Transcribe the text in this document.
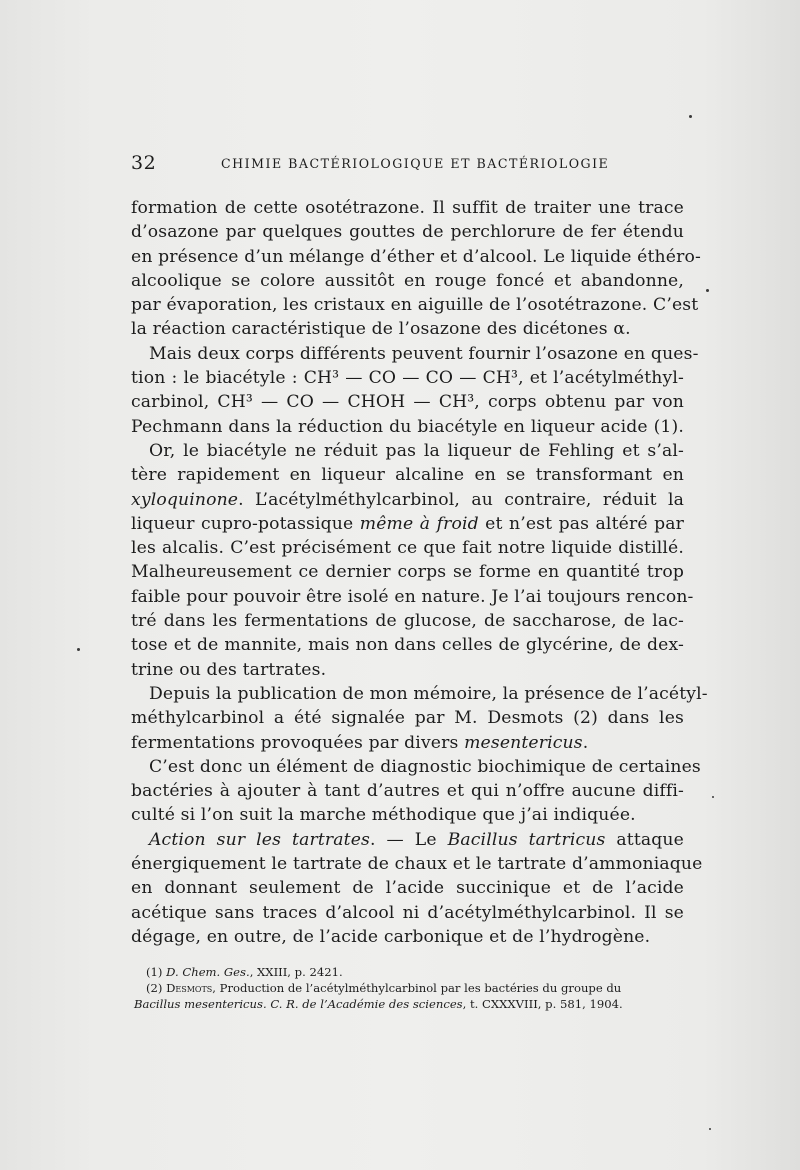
32	CHIMIE BACTÉRIOLOGIQUE ET BACTÉRIOLOGIE
formation de cette osotétrazone. Il suffit de traiter une trace
d’osazone par quelques gouttes de perchlorure de fer étendu
en présence d’un mélange d’éther et d’alcool. Le liquide éthéro-
alcoolique se colore aussitôt en rouge foncé et abandonne,
par évaporation, les cristaux en aiguille de l’osotétrazone. C’est
la réaction caractéristique de l’osazone des dicétones α.
Mais deux corps différents peuvent fournir l’osazone en ques-
tion : le biacétyle : CH³ — CO — CO — CH³, et l’acétylméthyl-
carbinol, CH³ — CO — CHOH — CH³, corps obtenu par von
Pechmann dans la réduction du biacétyle en liqueur acide (1).
Or, le biacétyle ne réduit pas la liqueur de Fehling et s’al-
tère rapidement en liqueur alcaline en se transformant en
xyloquinone. L’acétylméthylcarbinol, au contraire, réduit la
liqueur cupro-potassique même à froid et n’est pas altéré par
les alcalis. C’est précisément ce que fait notre liquide distillé.
Malheureusement ce dernier corps se forme en quantité trop
faible pour pouvoir être isolé en nature. Je l’ai toujours rencon-
tré dans les fermentations de glucose, de saccharose, de lac-
tose et de mannite, mais non dans celles de glycérine, de dex-
trine ou des tartrates.
Depuis la publication de mon mémoire, la présence de l’acétyl-
méthylcarbinol a été signalée par M. Desmots (2) dans les
fermentations provoquées par divers mesentericus.
C’est donc un élément de diagnostic biochimique de certaines
bactéries à ajouter à tant d’autres et qui n’offre aucune diffi-
culté si l’on suit la marche méthodique que j’ai indiquée.
Action sur les tartrates. — Le Bacillus tartricus attaque
énergiquement le tartrate de chaux et le tartrate d’ammoniaque
en donnant seulement de l’acide succinique et de l’acide
acétique sans traces d’alcool ni d’acétylméthylcarbinol. Il se
dégage, en outre, de l’acide carbonique et de l’hydrogène.
(1) D. Chem. Ges., XXIII, p. 2421.
(2) Desmots, Production de l’acétylméthylcarbinol par les bactéries du groupe du
Bacillus mesentericus. C. R. de l’Académie des sciences, t. CXXXVIII, p. 581, 1904.
